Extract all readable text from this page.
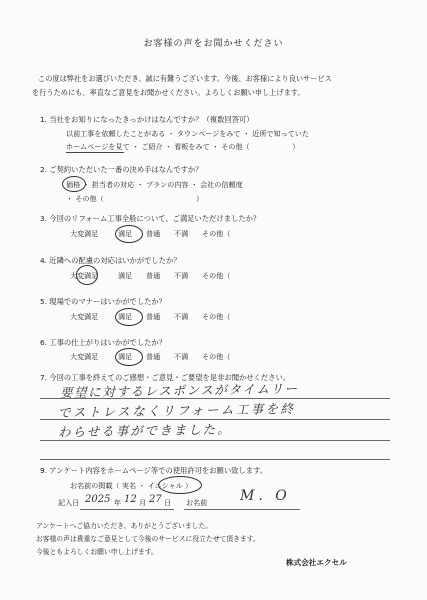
お客様の声をお聞かせください
この度は弊社をお選びいただき、誠に有難うございます。今後、お客様により良いサービス
を行うためにも、率直なご意見をお聞かせください。よろしくお願い申し上げます。
1. 当社をお知りになったきっかけはなんですか？（複数回答可）
以前工事を依頼したことがある ・ タウンページをみて ・ 近所で知っていた
ホームページを見て ・ ご紹介 ・ 看板をみて ・ その他（　　　　　　）
2. ご契約いただいた一番の決め手はなんですか？
価格 ・ 担当者の対応 ・ プランの内容 ・ 会社の信頼度
・ その他（　　　　　　　　　　　　　）
3. 今回のリフォーム工事全般について、ご満足いただけましたか？
大変満足	満足 普通 不満 その他（
4. 近隣への配慮の対応はいかがでしたか？
大変満足	満足 普通 不満 その他（
5. 現場でのマナーはいかがでしたか？
大変満足	満足 普通 不満 その他（
6. 工事の仕上がりはいかがでしたか？
大変満足	満足 普通 不満 その他（
7. 今回の工事を終えてのご感想・ご意見・ご要望を是非お聞かせください。
要望に対するレスポンスがタイムリー
でストレスなくリフォーム工事を終
わらせる事ができました。
9. アンケート内容をホームページ等での使用許可をお願い致します。
お名前の掲載（ 実名 ・ イニシャル ）
記入日 2025 年 12 月 27 日 お名前 M. O
アンケートへご協力いただき、ありがとうございました。
お客様の声は貴重なご意見として今後のサービスに役立たせて頂きます。
今後ともよろしくお願い申し上げます。
株式会社エクセル
